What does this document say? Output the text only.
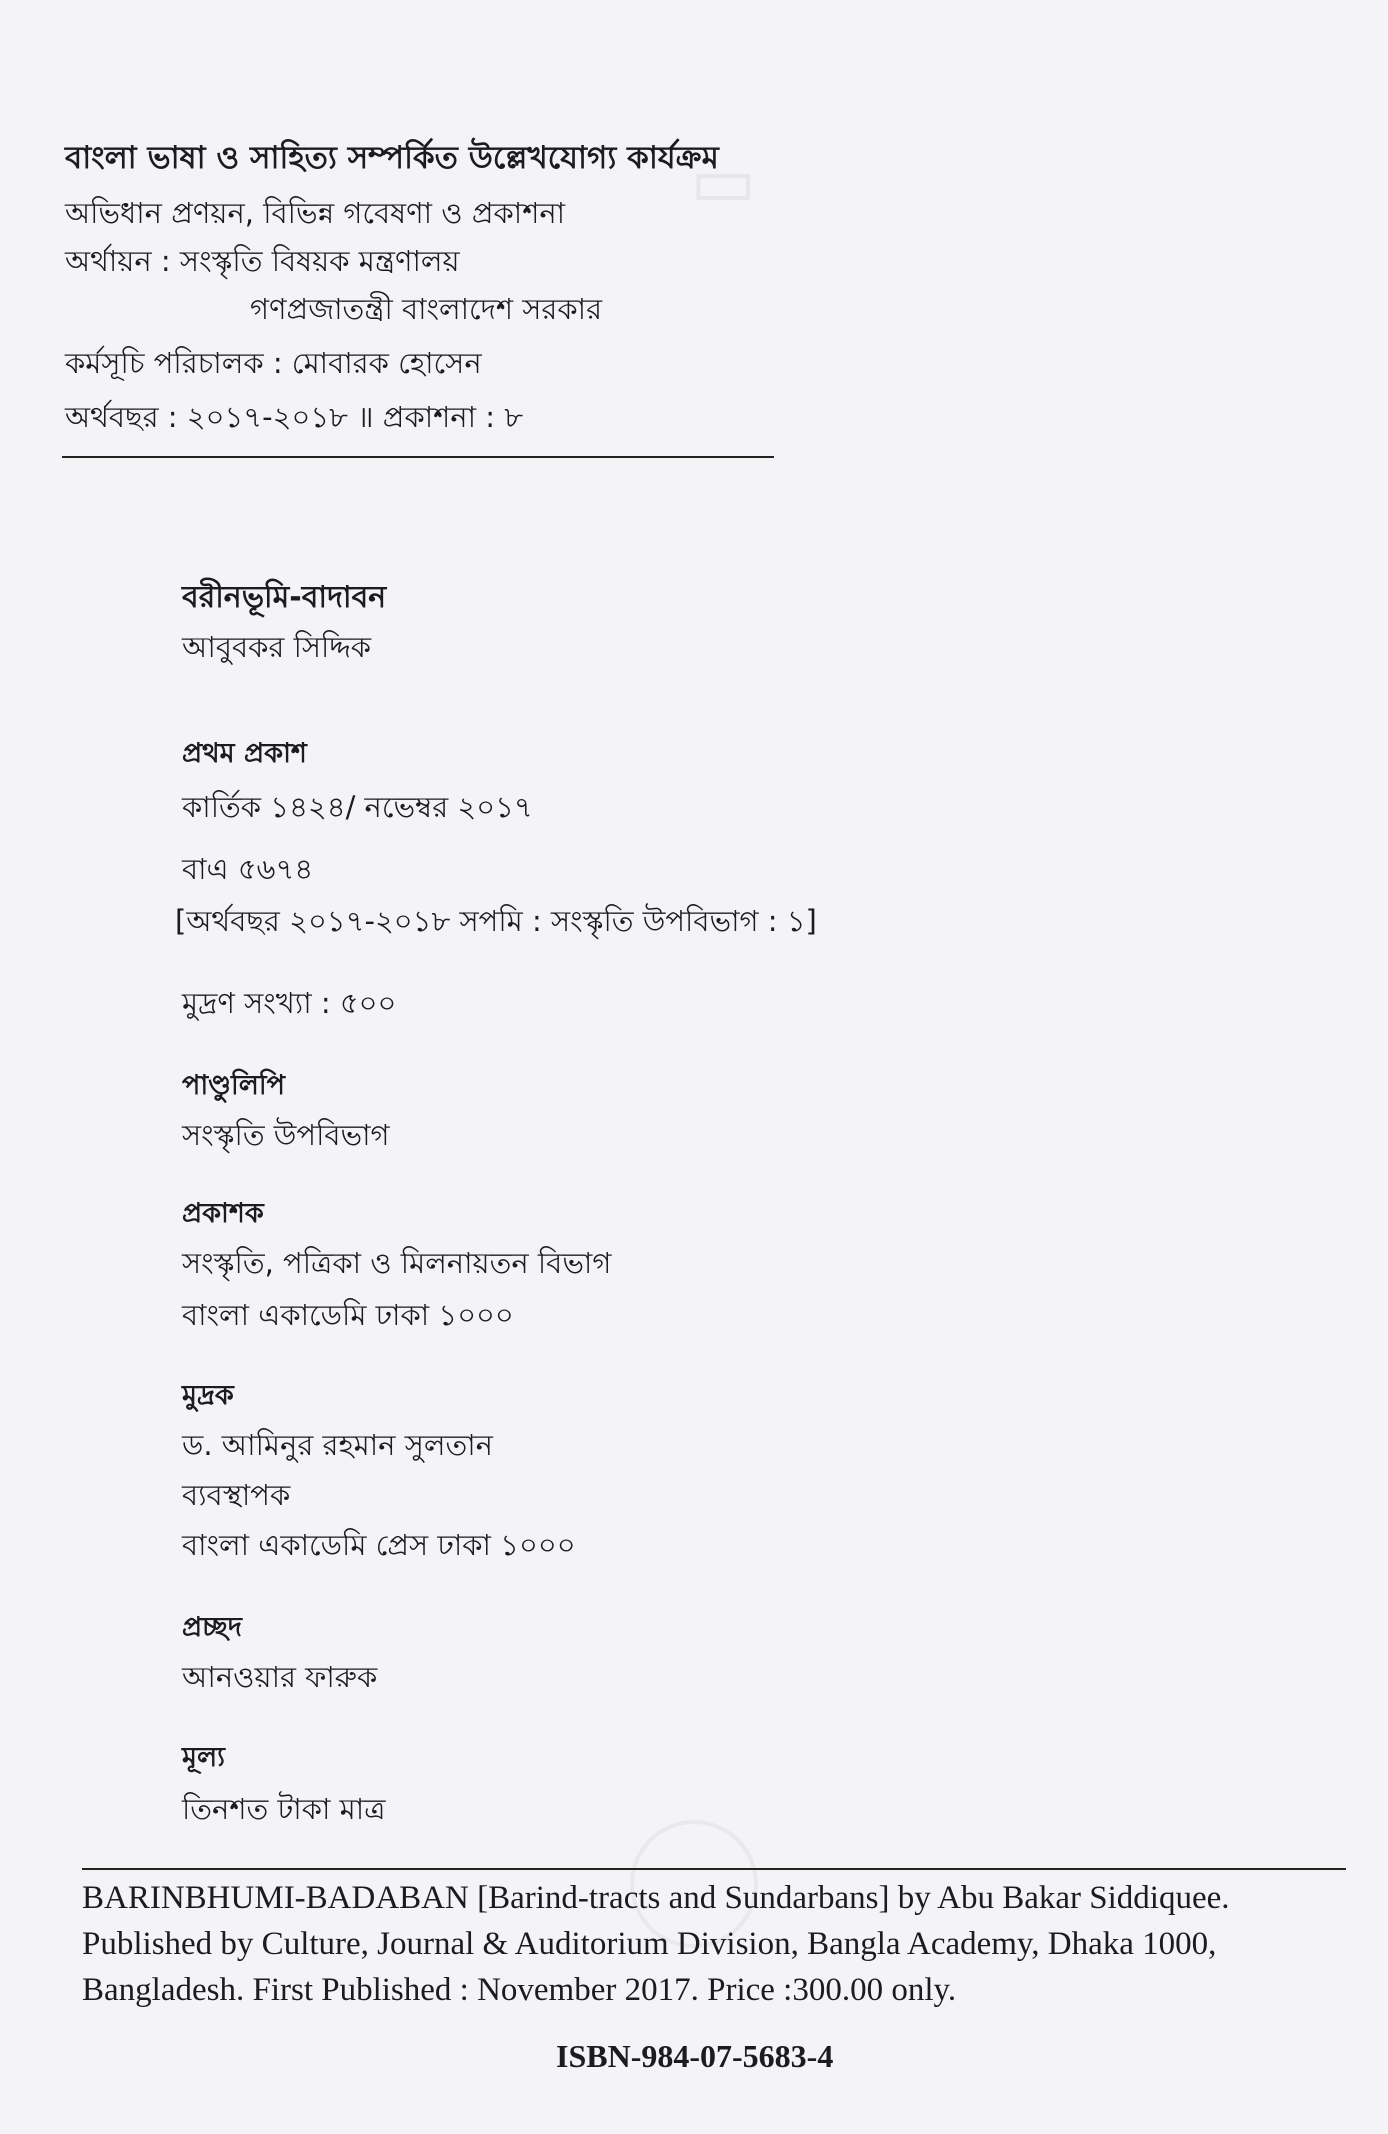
▭
বাংলা ভাষা ও সাহিত্য সম্পর্কিত উল্লেখযোগ্য কার্যক্রম
অভিধান প্রণয়ন, বিভিন্ন গবেষণা ও প্রকাশনা
অর্থায়ন : সংস্কৃতি বিষয়ক মন্ত্রণালয়
গণপ্রজাতন্ত্রী বাংলাদেশ সরকার
কর্মসূচি পরিচালক : মোবারক হোসেন
অর্থবছর : ২০১৭-২০১৮ ॥ প্রকাশনা : ৮
বরীনভূমি-বাদাবন
আবুবকর সিদ্দিক
প্রথম প্রকাশ
কার্তিক ১৪২৪/ নভেম্বর ২০১৭
বাএ ৫৬৭৪
[অর্থবছর ২০১৭-২০১৮ সপমি : সংস্কৃতি উপবিভাগ : ১]
মুদ্রণ সংখ্যা : ৫০০
পাণ্ডুলিপি
সংস্কৃতি উপবিভাগ
প্রকাশক
সংস্কৃতি, পত্রিকা ও মিলনায়তন বিভাগ
বাংলা একাডেমি ঢাকা ১০০০
মুদ্রক
ড. আমিনুর রহমান সুলতান
ব্যবস্থাপক
বাংলা একাডেমি প্রেস ঢাকা ১০০০
প্রচ্ছদ
আনওয়ার ফারুক
মূল্য
তিনশত টাকা মাত্র
BARINBHUMI-BADABAN [Barind-tracts and Sundarbans] by Abu Bakar Siddiquee.
Published by Culture, Journal & Auditorium Division, Bangla Academy, Dhaka 1000,
Bangladesh. First Published : November 2017. Price :300.00 only.
ISBN-984-07-5683-4
